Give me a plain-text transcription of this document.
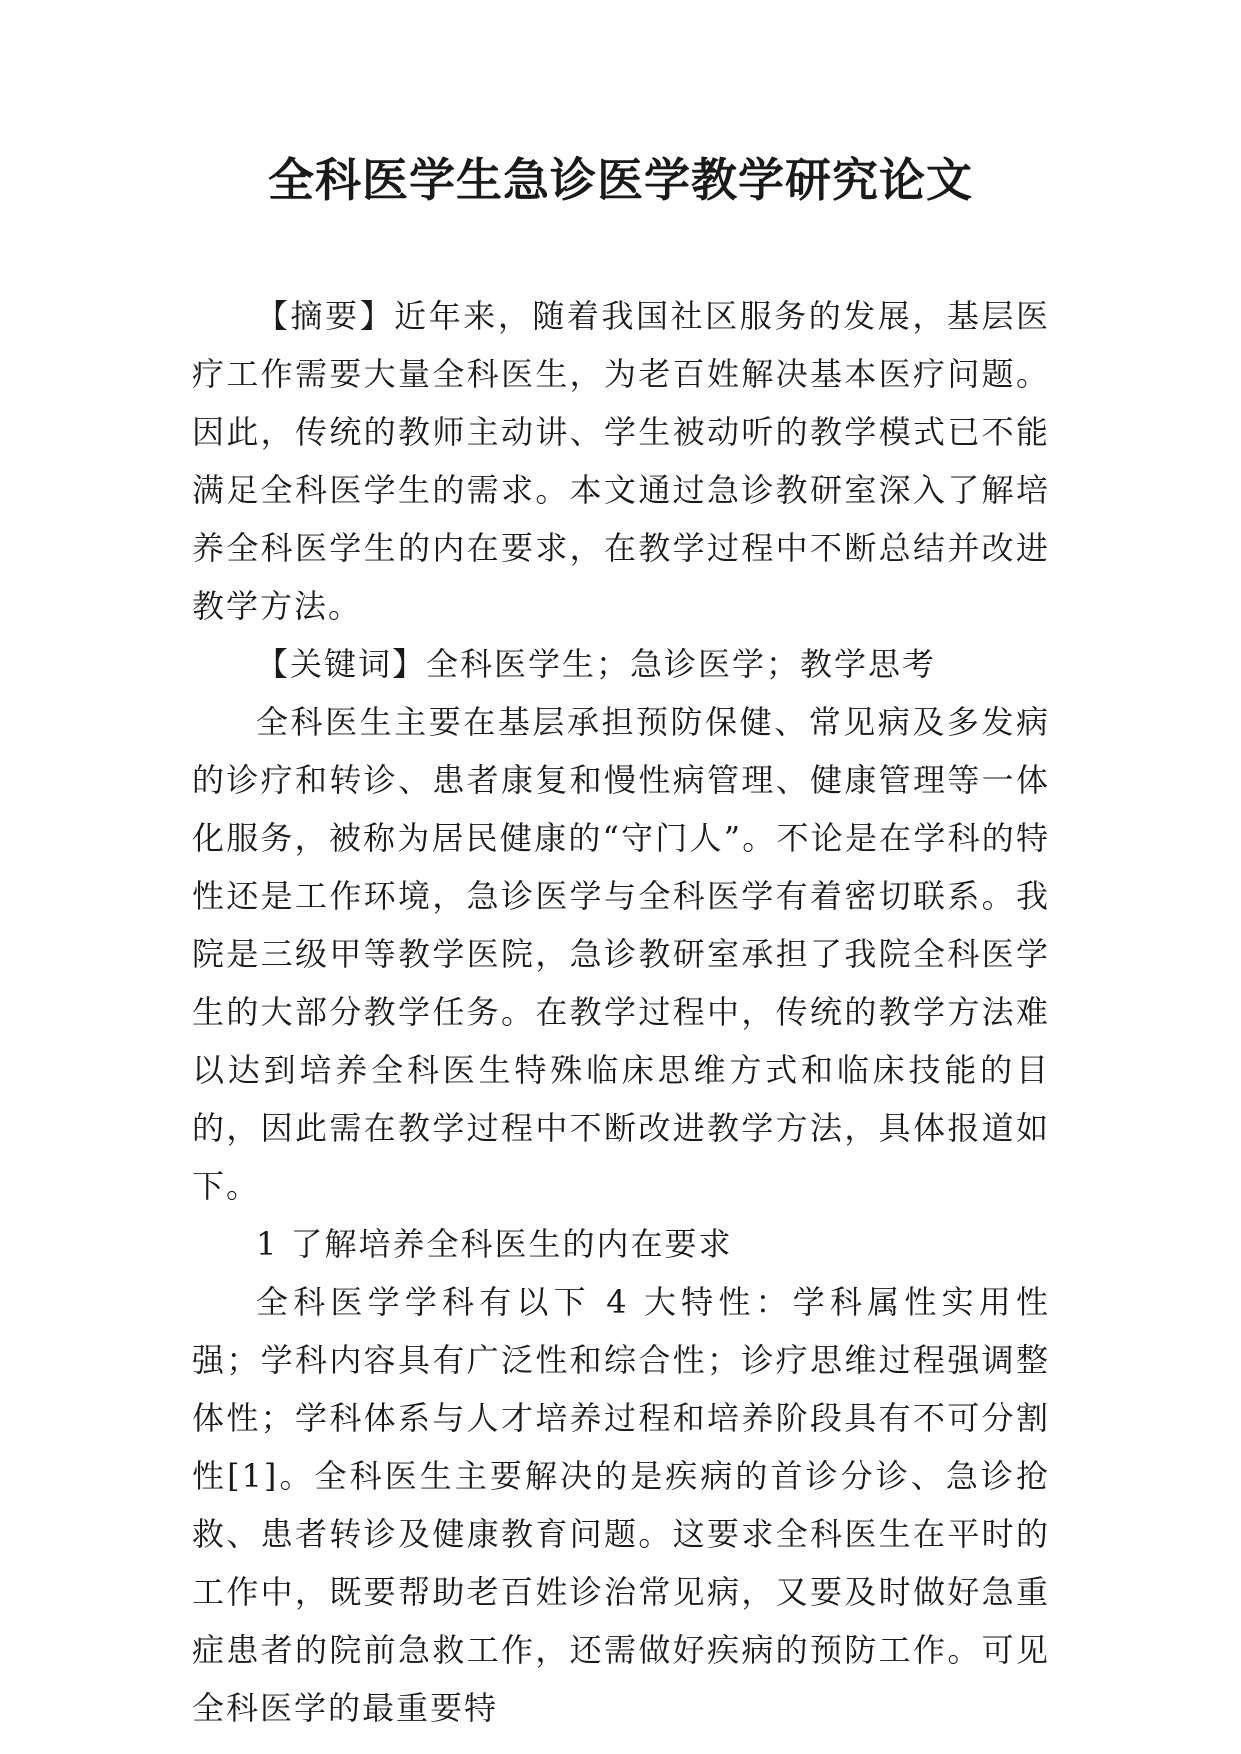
全科医学生急诊医学教学研究论文

【摘要】近年来，随着我国社区服务的发展，基层医疗工作需要大量全科医生，为老百姓解决基本医疗问题。因此，传统的教师主动讲、学生被动听的教学模式已不能满足全科医学生的需求。本文通过急诊教研室深入了解培养全科医学生的内在要求，在教学过程中不断总结并改进教学方法。

【关键词】全科医学生；急诊医学；教学思考

全科医生主要在基层承担预防保健、常见病及多发病的诊疗和转诊、患者康复和慢性病管理、健康管理等一体化服务，被称为居民健康的“守门人”。不论是在学科的特性还是工作环境，急诊医学与全科医学有着密切联系。我院是三级甲等教学医院，急诊教研室承担了我院全科医学生的大部分教学任务。在教学过程中，传统的教学方法难以达到培养全科医生特殊临床思维方式和临床技能的目的，因此需在教学过程中不断改进教学方法，具体报道如下。

1 了解培养全科医生的内在要求

全科医学学科有以下 4 大特性：学科属性实用性强；学科内容具有广泛性和综合性；诊疗思维过程强调整体性；学科体系与人才培养过程和培养阶段具有不可分割性[1]。全科医生主要解决的是疾病的首诊分诊、急诊抢救、患者转诊及健康教育问题。这要求全科医生在平时的工作中，既要帮助老百姓诊治常见病，又要及时做好急重症患者的院前急救工作，还需做好疾病的预防工作。可见全科医学的最重要特
